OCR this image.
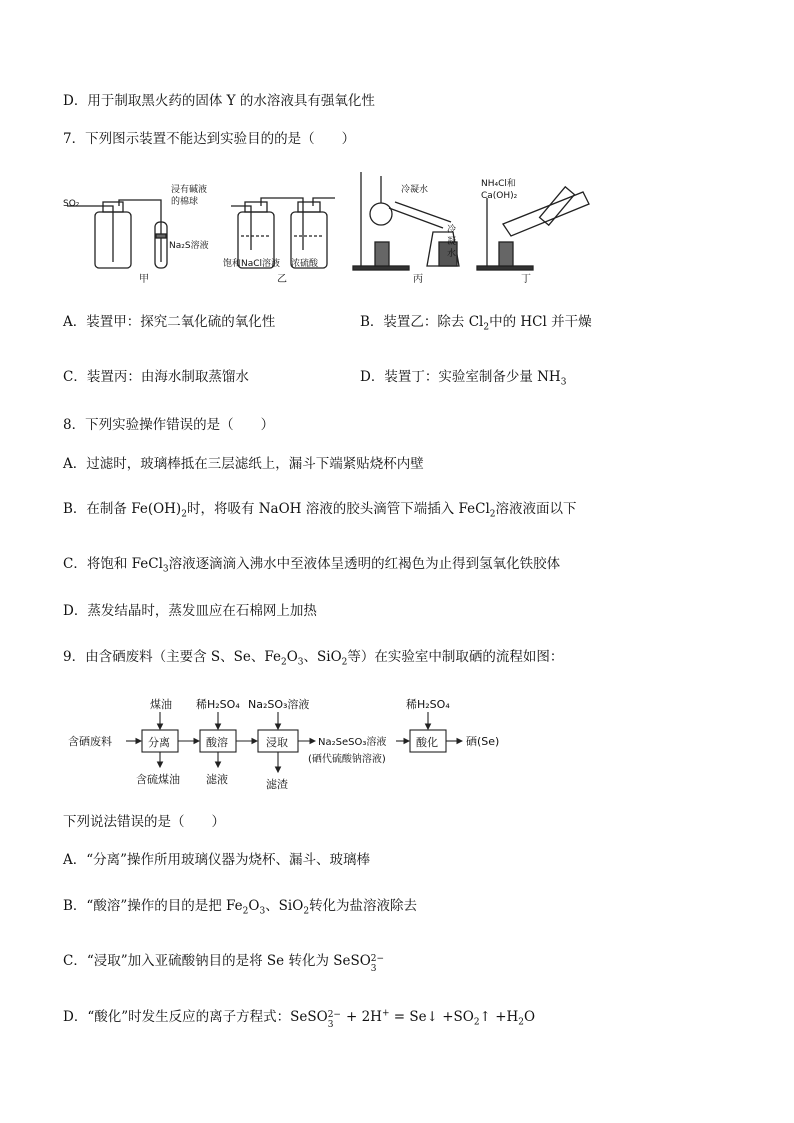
D．用于制取黑火药的固体 Y 的水溶液具有强氧化性
7．下列图示装置不能达到实验目的的是（　　）
SO₂
浸有碱液
的棉球
Na₂S溶液
甲
饱和NaCl溶液 浓硫酸
乙
冷凝水
冷
凝
水
丙
NH₄Cl和
Ca(OH)₂
丁
A．装置甲：探究二氧化硫的氧化性	B．装置乙：除去 $Cl_2$中的 HCl 并干燥
C．装置丙：由海水制取蒸馏水	D．装置丁：实验室制备少量 $NH_3$
8．下列实验操作错误的是（　　）
A．过滤时，玻璃棒抵在三层滤纸上，漏斗下端紧贴烧杯内壁
B．在制备 $Fe(OH)_2$时，将吸有 NaOH 溶液的胶头滴管下端插入 FeCl$_2$溶液液面以下
C．将饱和 FeCl$_3$溶液逐滴滴入沸水中至液体呈透明的红褐色为止得到氢氧化铁胶体
D．蒸发结晶时，蒸发皿应在石棉网上加热
9．由含硒废料（主要含 S、Se、$Fe_2O_3$、SiO$_2$等）在实验室中制取硒的流程如图：
含硒废料	分离	酸溶	浸取	酸化
煤油 稀H₂SO₄ Na₂SO₃溶液	稀H₂SO₄
含硫煤油 滤液	滤渣
Na₂SeSO₃溶液
(硒代硫酸钠溶液)
硒(Se)
下列说法错误的是（　　）
A．“分离”操作所用玻璃仪器为烧杯、漏斗、玻璃棒
B．“酸溶”操作的目的是把 $Fe_2O_3$、SiO$_2$转化为盐溶液除去
C．“浸取”加入亚硫酸钠目的是将 Se 转化为 SeSO 2−
3
D．“酸化”时发生反应的离子方程式：SeSO 2−
3 + 2H+ = Se↓ $+SO_2↑ +H_2O$
